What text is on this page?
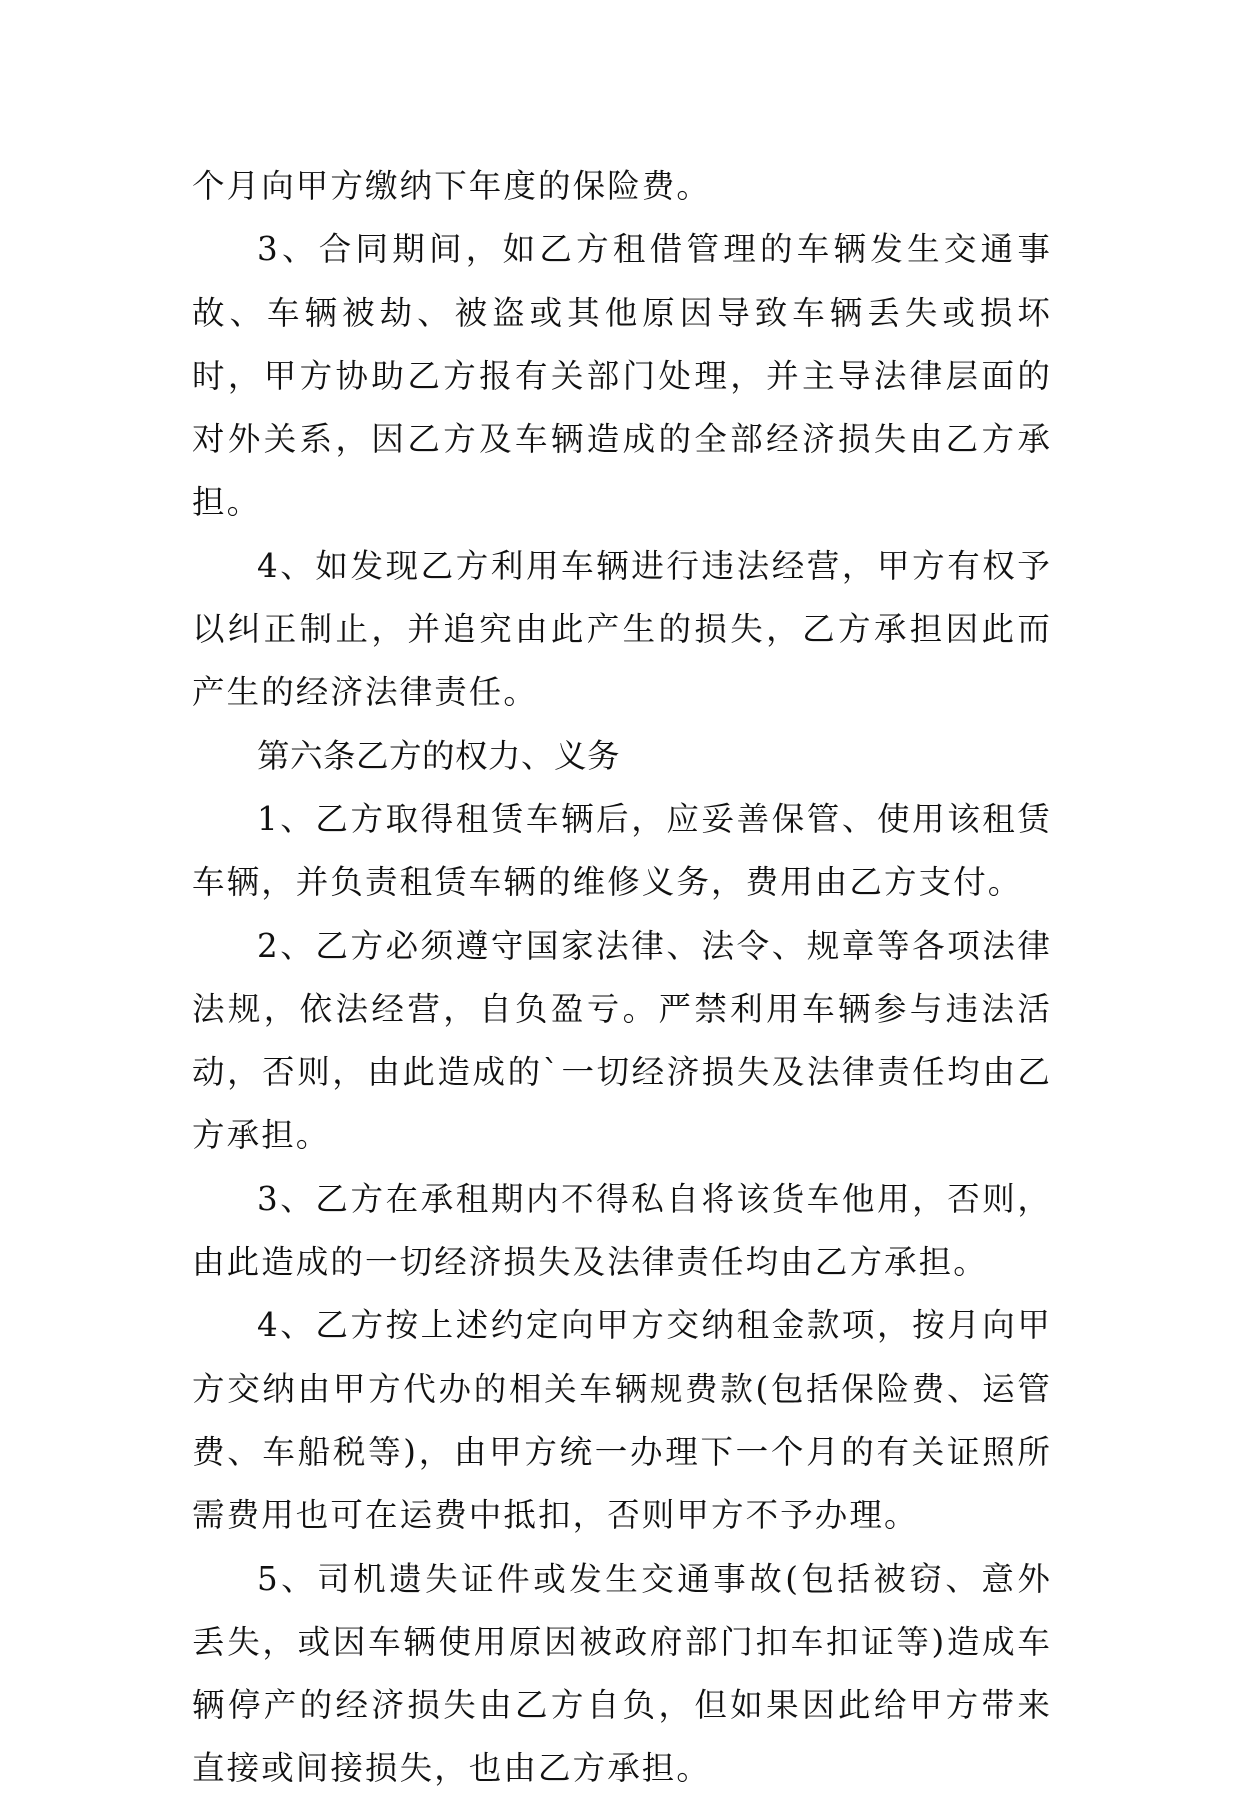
个月向甲方缴纳下年度的保险费。

3、合同期间，如乙方租借管理的车辆发生交通事故、车辆被劫、被盗或其他原因导致车辆丢失或损坏时，甲方协助乙方报有关部门处理，并主导法律层面的对外关系，因乙方及车辆造成的全部经济损失由乙方承担。

4、如发现乙方利用车辆进行违法经营，甲方有权予以纠正制止，并追究由此产生的损失，乙方承担因此而产生的经济法律责任。

第六条乙方的权力、义务

1、乙方取得租赁车辆后，应妥善保管、使用该租赁车辆，并负责租赁车辆的维修义务，费用由乙方支付。

2、乙方必须遵守国家法律、法令、规章等各项法律法规，依法经营，自负盈亏。严禁利用车辆参与违法活动，否则，由此造成的`一切经济损失及法律责任均由乙方承担。

3、乙方在承租期内不得私自将该货车他用，否则，由此造成的一切经济损失及法律责任均由乙方承担。

4、乙方按上述约定向甲方交纳租金款项，按月向甲方交纳由甲方代办的相关车辆规费款(包括保险费、运管费、车船税等)，由甲方统一办理下一个月的有关证照所需费用也可在运费中抵扣，否则甲方不予办理。

5、司机遗失证件或发生交通事故(包括被窃、意外丢失，或因车辆使用原因被政府部门扣车扣证等)造成车辆停产的经济损失由乙方自负，但如果因此给甲方带来直接或间接损失，也由乙方承担。
